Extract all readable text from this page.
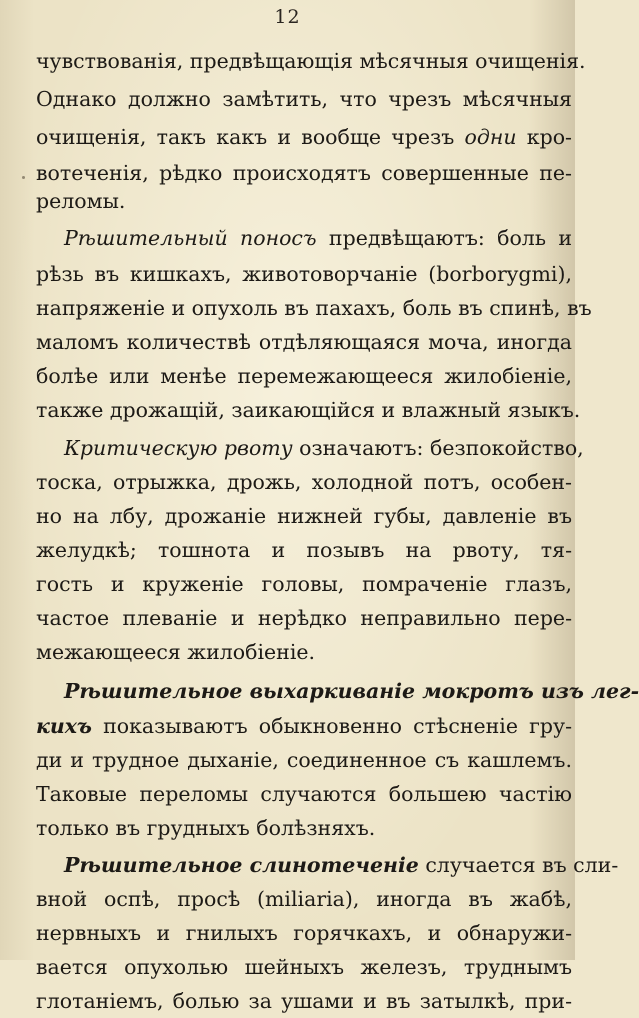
12
чувствованія, предвѣщающія мѣсячныя очищенія.
Однако должно замѣтить, что чрезъ мѣсячныя
очищенія, такъ какъ и вообще чрезъ одни кро-
вотеченія, рѣдко происходятъ совершенные пе-
реломы.
Рѣшительный поносъ предвѣщаютъ: боль и
рѣзь въ кишкахъ, животоворчаніе (borborygmi),
напряженіе и опухоль въ пахахъ, боль въ спинѣ, въ
маломъ количествѣ отдѣляющаяся моча, иногда
болѣе или менѣе перемежающееся жилобіеніе,
также дрожащій, заикающійся и влажный языкъ.
Критическую рвоту означаютъ: безпокойство,
тоска, отрыжка, дрожь, холодной потъ, особен-
но на лбу, дрожаніе нижней губы, давленіе въ
желудкѣ; тошнота и позывъ на рвоту, тя-
гость и круженіе головы, помраченіе глазъ,
частое плеваніе и нерѣдко неправильно пере-
межающееся жилобіеніе.
Рѣшительное выхаркиваніе мокротъ изъ лег-
кихъ показываютъ обыкновенно стѣсненіе гру-
ди и трудное дыханіе, соединенное съ кашлемъ.
Таковые переломы случаются большею частію
только въ грудныхъ болѣзняхъ.
Рѣшительное слинотеченіе случается въ сли-
вной оспѣ, просѣ (miliaria), иногда въ жабѣ,
нервныхъ и гнилыхъ горячкахъ, и обнаружи-
вается опухолью шейныхъ железъ, труднымъ
глотаніемъ, болью за ушами и въ затылкѣ, при-
